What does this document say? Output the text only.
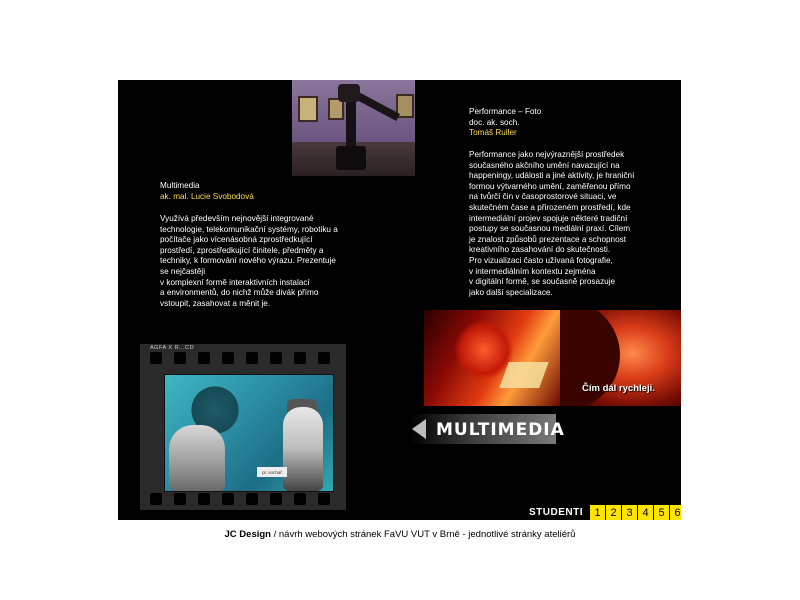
Multimedia
ak. mal. Lucie Svobodová
Využívá především nejnovější integrované
technologie, telekomunikační systémy, robotiku a
počítače jako vícenásobná zprostředkující
prostředí, zprostředkující činitele, předměty a
techniky, k formování nového výrazu. Prezentuje
se nejčastěji
v komplexní formě interaktivních instalací
a environmentů, do nichž může divák přímo
vstoupit, zasahovat a měnit je.
Performance – Foto
doc. ak. soch.
Tomáš Ruller
Performance jako nejvýraznější prostředek
současného akčního umění navazující na
happeningy, události a jiné aktivity, je hraniční
formou výtvarného umění, zaměřenou přímo
na tvůrčí čin v časoprostorové situaci, ve
skutečném čase a přirozeném prostředí, kde
intermediální projev spojuje některé tradiční
postupy se současnou mediální praxí. Cílem
je znalost způsobů prezentace a schopnost
kreativního zasahování do skutečnosti.
Pro vizualizaci často užívaná fotografie,
v intermediálním kontextu zejména
v digitální formě, se současně prosazuje
jako další specializace.
AGFA X R...CD
pr. sochař
Čím dál rychleji.
MULTIMEDIA
STUDENTI	1 2 3 4 5 6
JC Design / návrh webových stránek FaVU VUT v Brně - jednotlivé stránky ateliérů
